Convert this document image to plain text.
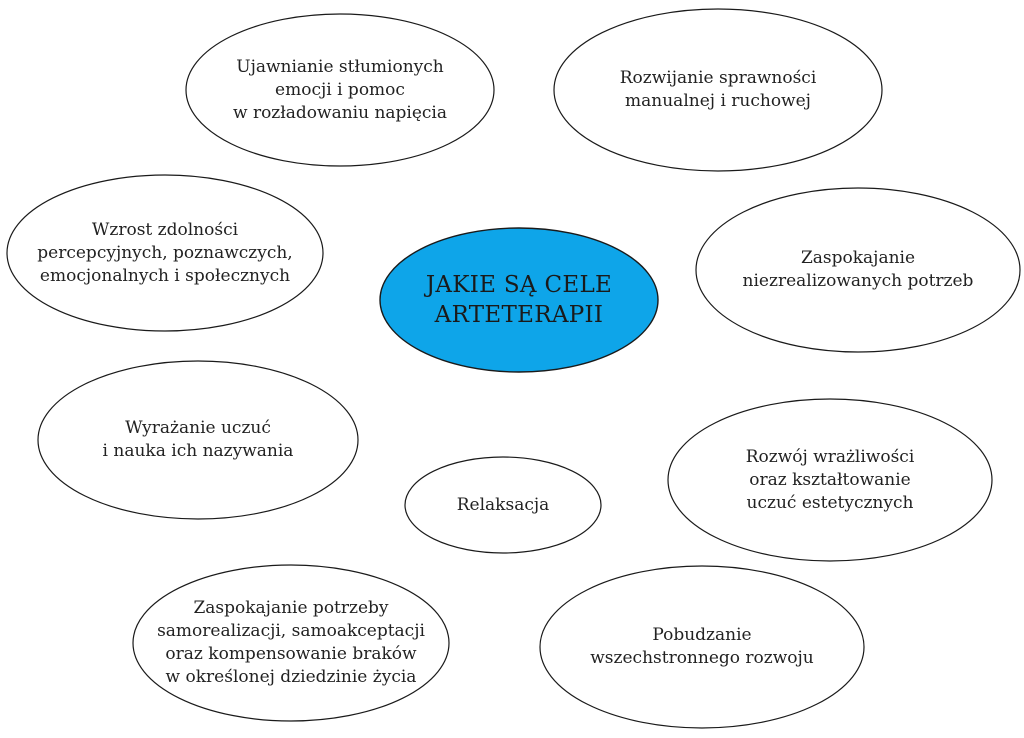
JAKIE SĄ CELE
ARTETERAPII
Ujawnianie stłumionych
emocji i pomoc
w rozładowaniu napięcia
Rozwijanie sprawności
manualnej i ruchowej
Wzrost zdolności
percepcyjnych, poznawczych,
emocjonalnych i społecznych
Zaspokajanie
niezrealizowanych potrzeb
Wyrażanie uczuć
i nauka ich nazywania	Rozwój wrażliwości
oraz kształtowanie
uczuć estetycznych
Relaksacja
Zaspokajanie potrzeby
samorealizacji, samoakceptacji
oraz kompensowanie braków
w określonej dziedzinie życia
Pobudzanie
wszechstronnego rozwoju
